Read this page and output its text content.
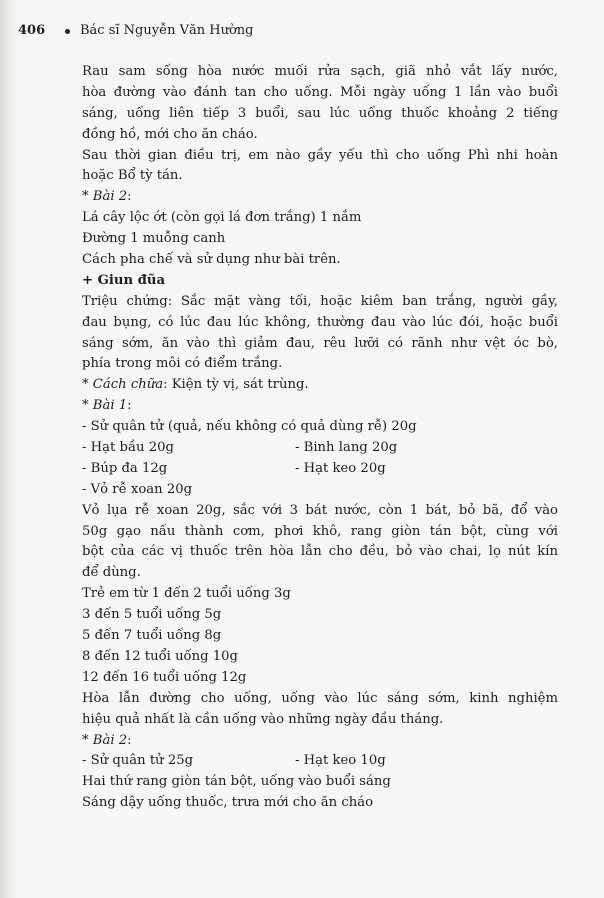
406	Bác sĩ Nguyễn Văn Hường
Rau sam sống hòa nước muối rửa sạch, giã nhỏ vắt lấy nước,
hòa đường vào đánh tan cho uống. Mỗi ngày uống 1 lần vào buổi
sáng, uống liên tiếp 3 buổi, sau lúc uống thuốc khoảng 2 tiếng
đồng hồ, mới cho ăn cháo.
Sau thời gian điều trị, em nào gầy yếu thì cho uống Phì nhi hoàn
hoặc Bổ tỳ tán.
* Bài 2:
Lá cây lộc ớt (còn gọi lá đơn trắng) 1 nắm
Đường 1 muỗng canh
Cách pha chế và sử dụng như bài trên.
+ Giun đũa
Triệu chứng: Sắc mặt vàng tối, hoặc kiêm ban trắng, người gầy,
đau bụng, có lúc đau lúc không, thường đau vào lúc đói, hoặc buổi
sáng sớm, ăn vào thì giảm đau, rêu lưỡi có rãnh như vệt óc bò,
phía trong môi có điểm trắng.
* Cách chữa: Kiện tỳ vị, sát trùng.
* Bài 1:
- Sử quân tử (quả, nếu không có quả dùng rễ) 20g
- Hạt bầu 20g	- Binh lang 20g
- Búp đa 12g	- Hạt keo 20g
- Vỏ rễ xoan 20g
Vỏ lụa rễ xoan 20g, sắc với 3 bát nước, còn 1 bát, bỏ bã, đổ vào
50g gạo nấu thành cơm, phơi khô, rang giòn tán bột, cùng với
bột của các vị thuốc trên hòa lẫn cho đều, bỏ vào chai, lọ nút kín
để dùng.
Trẻ em từ 1 đến 2 tuổi uống 3g
3 đến 5 tuổi uống 5g
5 đến 7 tuổi uống 8g
8 đến 12 tuổi uống 10g
12 đến 16 tuổi uống 12g
Hòa lẫn đường cho uống, uống vào lúc sáng sớm, kinh nghiệm
hiệu quả nhất là cần uống vào những ngày đầu tháng.
* Bài 2:
- Sử quân tử 25g	- Hạt keo 10g
Hai thứ rang giòn tán bột, uống vào buổi sáng
Sáng dậy uống thuốc, trưa mới cho ăn cháo
